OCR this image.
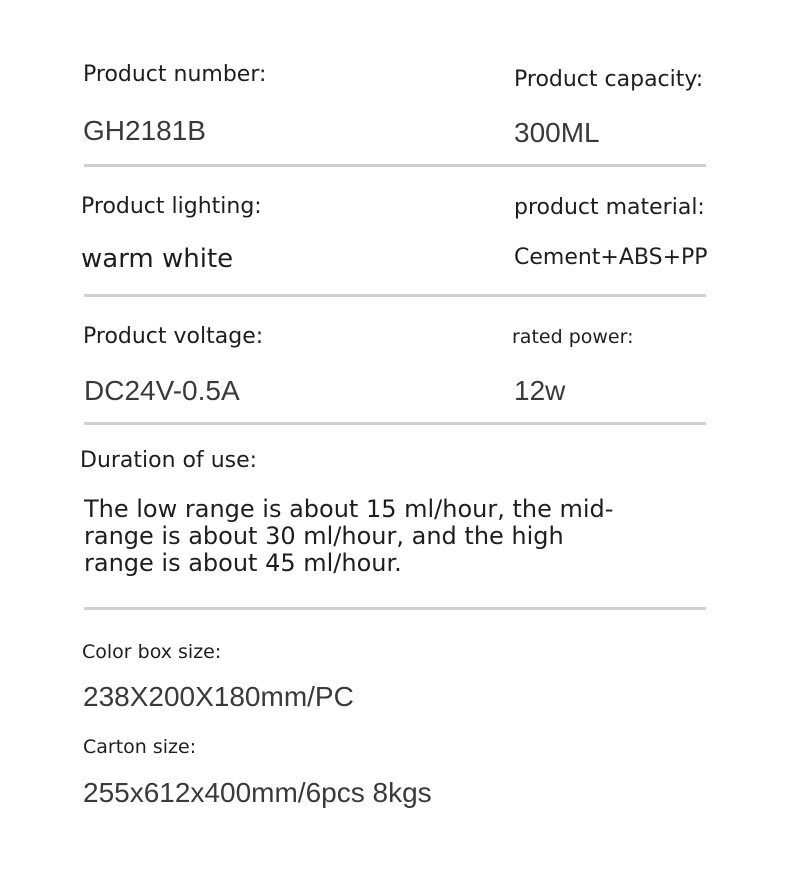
Product number:
GH2181B
Product capacity:
300ML
Product lighting:
warm white
product material:
Cement+ABS+PP
Product voltage:
DC24V-0.5A
rated power:
12w
Duration of use:
The low range is about 15 ml/hour, the mid-
range is about 30 ml/hour, and the high
range is about 45 ml/hour.
Color box size:
238X200X180mm/PC
Carton size:
255x612x400mm/6pcs 8kgs
